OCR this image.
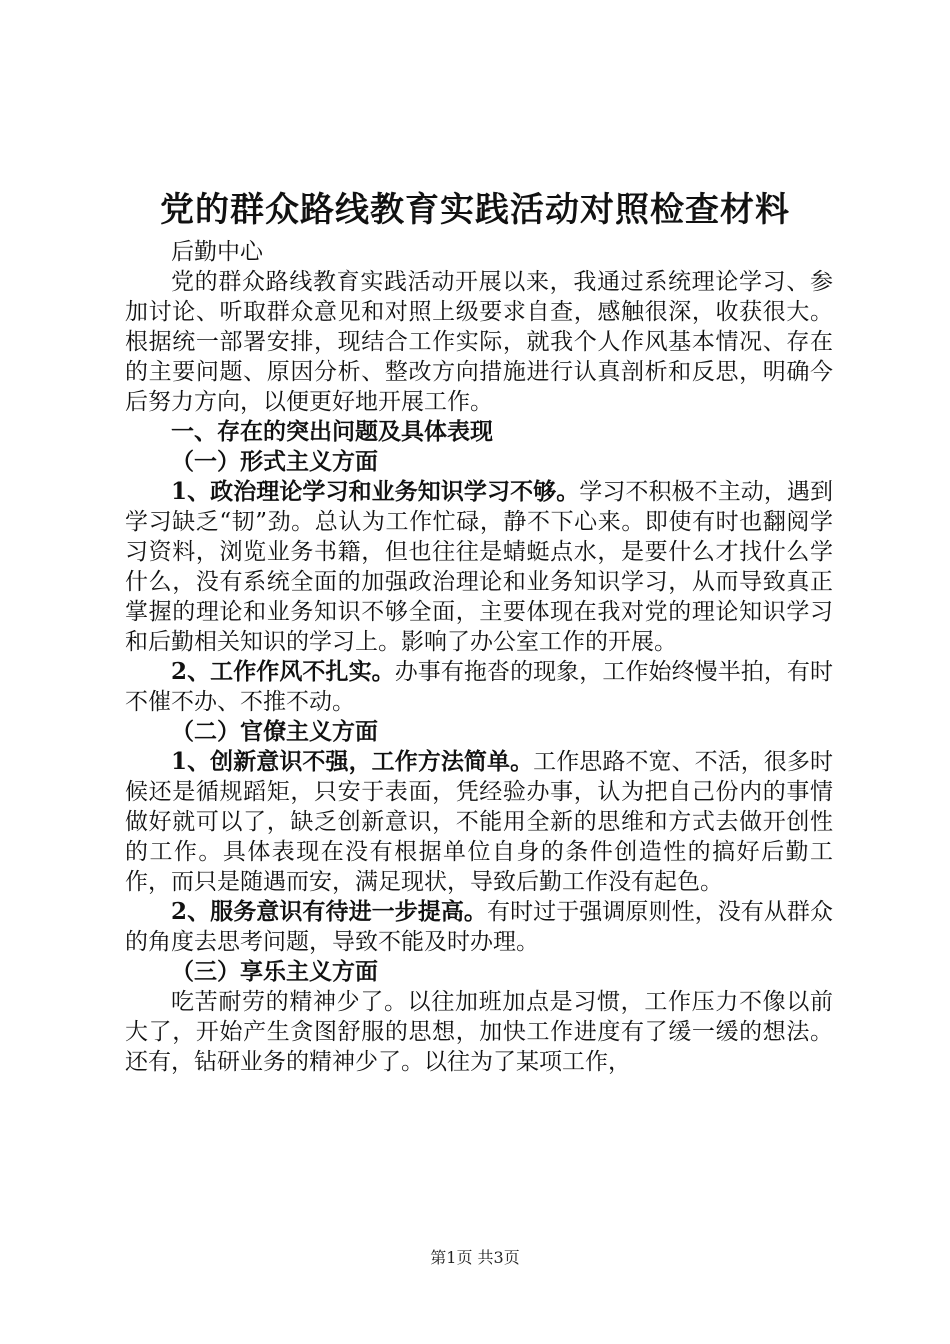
党的群众路线教育实践活动对照检查材料

后勤中心

党的群众路线教育实践活动开展以来，我通过系统理论学习、参加讨论、听取群众意见和对照上级要求自查，感触很深，收获很大。根据统一部署安排，现结合工作实际，就我个人作风基本情况、存在的主要问题、原因分析、整改方向措施进行认真剖析和反思，明确今后努力方向，以便更好地开展工作。

一、存在的突出问题及具体表现

（一）形式主义方面

1、政治理论学习和业务知识学习不够。学习不积极不主动，遇到学习缺乏“韧”劲。总认为工作忙碌，静不下心来。即使有时也翻阅学习资料，浏览业务书籍，但也往往是蜻蜓点水，是要什么才找什么学什么，没有系统全面的加强政治理论和业务知识学习，从而导致真正掌握的理论和业务知识不够全面，主要体现在我对党的理论知识学习和后勤相关知识的学习上。影响了办公室工作的开展。

2、工作作风不扎实。办事有拖沓的现象，工作始终慢半拍，有时不催不办、不推不动。

（二）官僚主义方面

1、创新意识不强，工作方法简单。工作思路不宽、不活，很多时候还是循规蹈矩，只安于表面，凭经验办事，认为把自己份内的事情做好就可以了，缺乏创新意识，不能用全新的思维和方式去做开创性的工作。具体表现在没有根据单位自身的条件创造性的搞好后勤工作，而只是随遇而安，满足现状，导致后勤工作没有起色。

2、服务意识有待进一步提高。有时过于强调原则性，没有从群众的角度去思考问题，导致不能及时办理。

（三）享乐主义方面

吃苦耐劳的精神少了。以往加班加点是习惯，工作压力不像以前大了，开始产生贪图舒服的思想，加快工作进度有了缓一缓的想法。还有，钻研业务的精神少了。以往为了某项工作，

第1页 共3页
